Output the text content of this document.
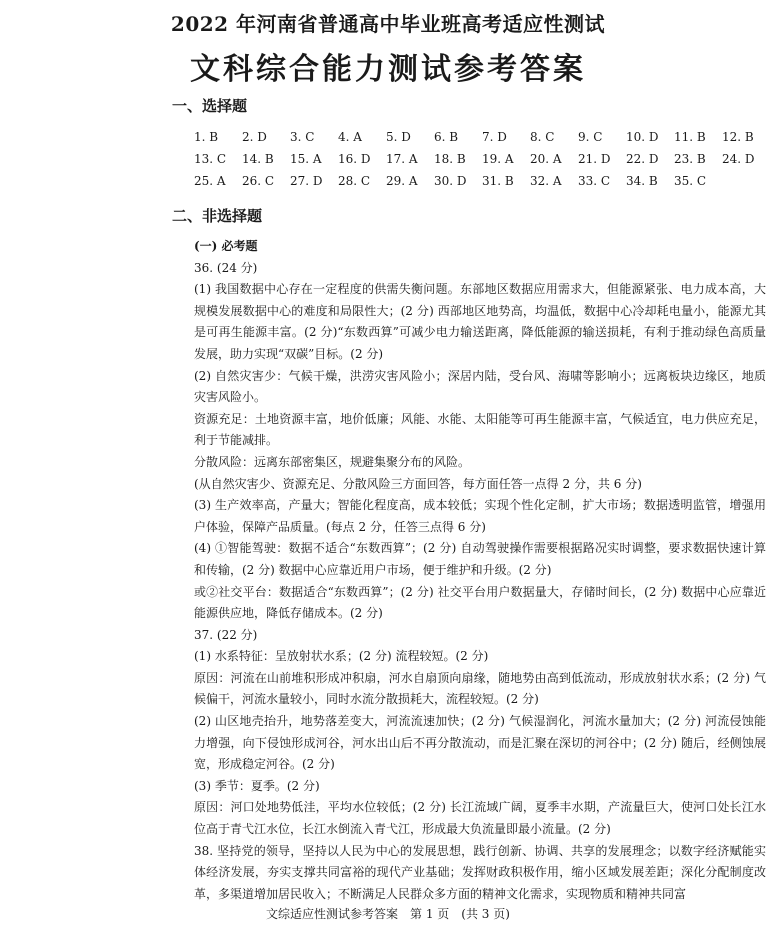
2022 年河南省普通高中毕业班高考适应性测试
文科综合能力测试参考答案
一、选择题
1. B	2. D	3. C	4. A	5. D	6. B	7. D	8. C	9. C	10. D	11. B	12. B
13. C	14. B	15. A	16. D	17. A	18. B	19. A	20. A	21. D	22. D	23. B	24. D
25. A	26. C	27. D	28. C	29. A	30. D	31. B	32. A	33. C	34. B	35. C
二、非选择题

(一) 必考题

36. (24 分)

(1) 我国数据中心存在一定程度的供需失衡问题。东部地区数据应用需求大，但能源紧张、电力成本高，大规模发展数据中心的难度和局限性大；(2 分) 西部地区地势高，均温低，数据中心冷却耗电量小，能源尤其是可再生能源丰富。(2 分)“东数西算”可减少电力输送距离，降低能源的输送损耗，有利于推动绿色高质量发展，助力实现“双碳”目标。(2 分)

(2) 自然灾害少：气候干燥，洪涝灾害风险小；深居内陆，受台风、海啸等影响小；远离板块边缘区，地质灾害风险小。

资源充足：土地资源丰富，地价低廉；风能、水能、太阳能等可再生能源丰富，气候适宜，电力供应充足，利于节能减排。

分散风险：远离东部密集区，规避集聚分布的风险。

(从自然灾害少、资源充足、分散风险三方面回答，每方面任答一点得 2 分，共 6 分)

(3) 生产效率高，产量大；智能化程度高，成本较低；实现个性化定制，扩大市场；数据透明监管，增强用户体验，保障产品质量。(每点 2 分，任答三点得 6 分)

(4) ①智能驾驶：数据不适合“东数西算”；(2 分) 自动驾驶操作需要根据路况实时调整，要求数据快速计算和传输，(2 分) 数据中心应靠近用户市场，便于维护和升级。(2 分)

或②社交平台：数据适合“东数西算”；(2 分) 社交平台用户数据量大，存储时间长，(2 分) 数据中心应靠近能源供应地，降低存储成本。(2 分)

37. (22 分)

(1) 水系特征：呈放射状水系；(2 分) 流程较短。(2 分)

原因：河流在山前堆积形成冲积扇，河水自扇顶向扇缘，随地势由高到低流动，形成放射状水系；(2 分) 气候偏干，河流水量较小，同时水流分散损耗大，流程较短。(2 分)

(2) 山区地壳抬升，地势落差变大，河流流速加快；(2 分) 气候湿润化，河流水量加大；(2 分) 河流侵蚀能力增强，向下侵蚀形成河谷，河水出山后不再分散流动，而是汇聚在深切的河谷中；(2 分) 随后，经侧蚀展宽，形成稳定河谷。(2 分)

(3) 季节：夏季。(2 分)

原因：河口处地势低洼，平均水位较低；(2 分) 长江流域广阔，夏季丰水期，产流量巨大，使河口处长江水位高于青弋江水位，长江水倒流入青弋江，形成最大负流量即最小流量。(2 分)

38. 坚持党的领导，坚持以人民为中心的发展思想，践行创新、协调、共享的发展理念；以数字经济赋能实体经济发展，夯实支撑共同富裕的现代产业基础；发挥财政积极作用，缩小区域发展差距；深化分配制度改革，多渠道增加居民收入；不断满足人民群众多方面的精神文化需求，实现物质和精神共同富

文综适应性测试参考答案　第 1 页　(共 3 页)
